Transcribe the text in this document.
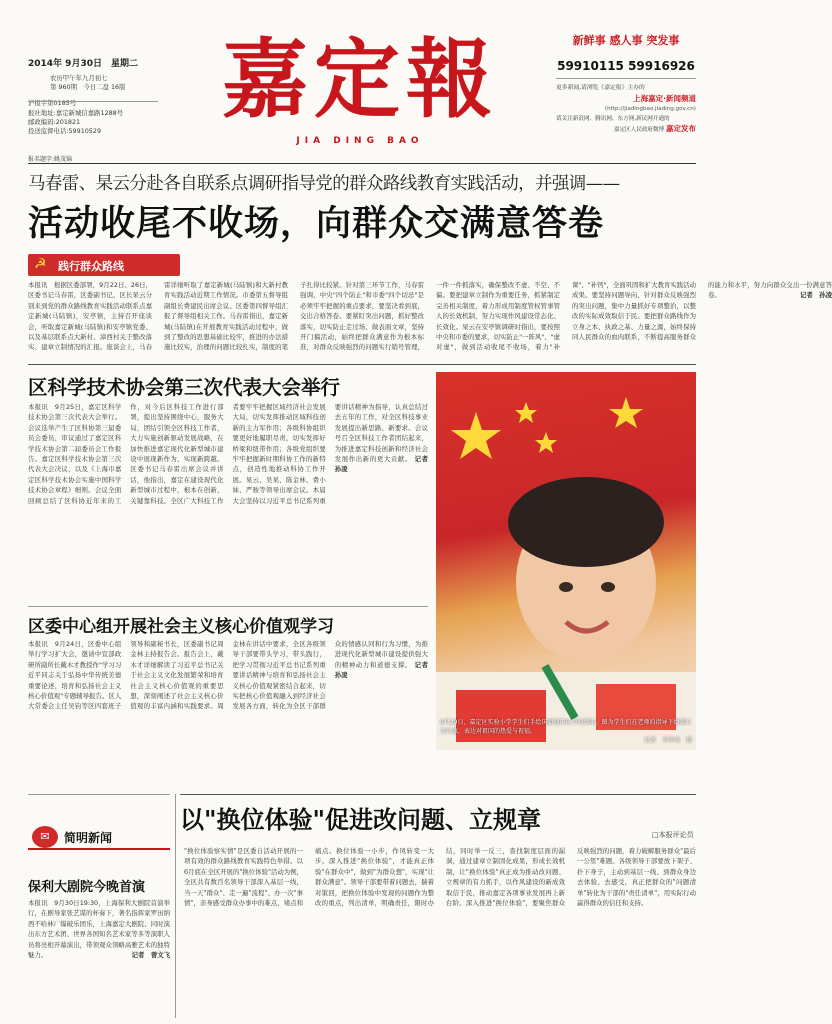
2014年 9月30日　星期二
农历甲午年九月初七
第 960期　今日二盘 16版
沪报字第0185号
报社地址:嘉定新城信嘉路1288号
邮政编码:201821
投送监督电话:59910529
嘉定報
JIA DING BAO
新鲜事 感人事 突发事
59910115 59916926
更多新闻,请浏览《嘉定报》主办的
上海嘉定·新闻频道
(http://jiadingbao.jiading.gov.cn)
请关注新浪网、腾讯网、东方网,新民网开通的
嘉定区人民政府微博 嘉定发布
报名题字:姚茂锦
马春雷、杲云分赴各自联系点调研指导党的群众路线教育实践活动，并强调——
活动收尾不收场，向群众交满意答卷
☭ 践行群众路线
本报讯　根据区委部署，9月22日、26日，区委书记马春雷，区委副书记、区长杲云分别来到党的群众路线教育实践活动联系点嘉定新城(马陆镇)，安亭镇，主持召开座谈会，听取嘉定新城(马陆镇)和安亭镇党委、以及基层联系点大新村、漳西村关于整改落实、建章立制情况的汇报。座谈会上，马春雷详细听取了嘉定新城(马陆镇)和大新村教育实践活动近期工作情况。市委第五督导组副组长费建民出席会议。区委第四督导组汇报了督导组相关工作。马春雷指出，嘉定新城(马陆镇)在开展教育实践活动过程中，做到了整改的思想基础比较牢，推进的办法措施比较实，治理的问题比较扎实，制度的笔子扎得比较紧。针对第三环节工作，马春雷强调，中央"四个防止"和市委"四个切忌"是必须牢牢把握的重点要求，要坚决看到底，交出合格答卷。要紧盯突出问题，抓好整改落实，切实防止走过场、做表面文章，坚持开门搞活动，始终把群众满意作为根本标准，对群众反映强烈的问题实行销号管理，一件一件抓落实，确保整改不虚、不空、不偏。要把建章立制作为重要任务，抓紧制定完善相关制度，着力形成用制度管权管事管人的长效机制，努力实现作风建设常态化、长效化。杲云在安亭镇调研时指出，要按照中央和市委的要求，切实防止"一阵风"、"虚对虚"，做到活动收尾不收场，着力"补课"、"补钙"，全面巩固和扩大教育实践活动成果。要坚持问题导向，针对群众反映强烈的突出问题，集中力量抓好专项整治，以整改的实际成效取信于民。要把群众路线作为立身之本、执政之基、力量之源，始终保持同人民群众的血肉联系，不断提高服务群众的能力和水平，努力向群众交出一份满意答卷。	记者　孙凌
区科学技术协会第三次代表大会举行
本报讯　9月25日，嘉定区科学技术协会第三次代表大会举行。会议选举产生了区科协第三届委员会委员，审议通过了嘉定区科学技术协会第二届委员会工作报告。嘉定区科学技术协会第三次代表大会决议，以及《上海市嘉定区科学技术协会实施中国科学技术协会章程》细则。会议全面回顾总结了区科协近年来的工作，对今后区科技工作进行部署，提出坚持围绕中心，服务大局，团结引领全区科技工作者，大力实施创新驱动发展战略，在加快推进嘉定现代化新型城市建设中展现新作为、实现新跨越。区委书记马春雷出席会议并讲话，他指出，嘉定在建设现代化新型城市过程中，根本在创新，关键靠科技。全区广大科技工作者要牢牢把握区域经济社会发展大局，切实发挥推动区域科技创新的主力军作用；各级科协组织要更好地履职尽责，切实发挥好桥梁和纽带作用；各级党组织要牢牢把握新时期科协工作的新特点，创造性地推动科协工作开展。杲云、吴杲、陈金林、费小妹、严骏等领导出席会议。本届大会坚持以习近平总书记系列重要讲话精神为指导，认真总结过去五年的工作，对全区科技事业发展提出新思路、新要求。会议号召全区科技工作者团结起来，为推进嘉定科技创新和经济社会发展作出新的更大贡献。 记者　孙凌
区委中心组开展社会主义核心价值观学习
本报讯　9月24日，区委中心组举行学习扩大会，邀请中宣部政研所副所长戴木才教授作"学习习近平同志关于弘扬中华传统美德重要论述，培育和弘扬社会主义核心价值观"专题辅导报告。区人大常委会主任吴钧等区四套班子领导和副秘书长，区委副书记周金林主持报告会。报告会上，戴木才详细解读了习近平总书记关于社会主义文化发展繁荣和培育社会主义核心价值观的重要思想，深刻阐述了社会主义核心价值观的丰富内涵和实践要求。周金林在讲话中要求，全区各级领导干部要带头学习，带头践行，把学习贯彻习近平总书记系列重要讲话精神与培育和弘扬社会主义核心价值观紧密结合起来，切实把核心价值观融入到经济社会发展各方面，转化为全区干部群众的情感认同和行为习惯，为推进现代化新型城市建设提供强大的精神动力和道德支撑。 记者　孙凌
9月29日，嘉定区实验小学学生们手绘国旗迎国庆节的到来。图为学生们在老师的指导下绘制五星红旗，表达对祖国的热爱与祝福。
记者　李华成　摄
✉	简明新闻
保利大剧院今晚首演
本报讯　9月30日19:30，上海保利大剧院首演举行，在剧导家张艺谋的杯奏下，著名指挥家罗田纳西不哈林厂爆破乐团乐，上海嘉定大剧院、同时演出东方艺术团、世界各国知名艺术家等多等演职人员将亮相开幕演出，带领观众领略高雅艺术的独特魅力。	记者　曾文飞
以"换位体验"促进改问题、立规章
□本报评论员
"换位体验察实情"是区委自活动开展的一项有效的群众路线教育实践特色举措。以6月底在全区开展的"换位体验"活动为例，全区共有数百名领导干部深入基层一线，当一天"群众"、走一遍"流程"、办一次"事情"，亲身感受群众办事中的难点、堵点和痛点。换位体验一小步，作风转变一大步。深入推进"换位体验"，才能真正体验"在群众中"，做到"为群众想"，实现"让群众满意"。领导干部要带着问题去，揣着对策回，把换位体验中发现的问题作为整改的重点，列出清单，明确责任，限时办结，同时举一反三，查找制度层面的漏洞，通过建章立制固化成果，形成长效机制，让"换位体验"真正成为推动改问题、立规章的有力抓手，以作风建设的新成效取信于民，推动嘉定各项事业发展再上新台阶。深入推进"换位体验"，要聚焦群众反映强烈的问题，着力破解服务群众"最后一公里"难题。各级领导干部要放下架子、扑下身子，主动到基层一线、到群众身边去体验、去感受，真正把群众的"问题清单"转化为干部的"责任清单"，用实际行动赢得群众的信任和支持。
